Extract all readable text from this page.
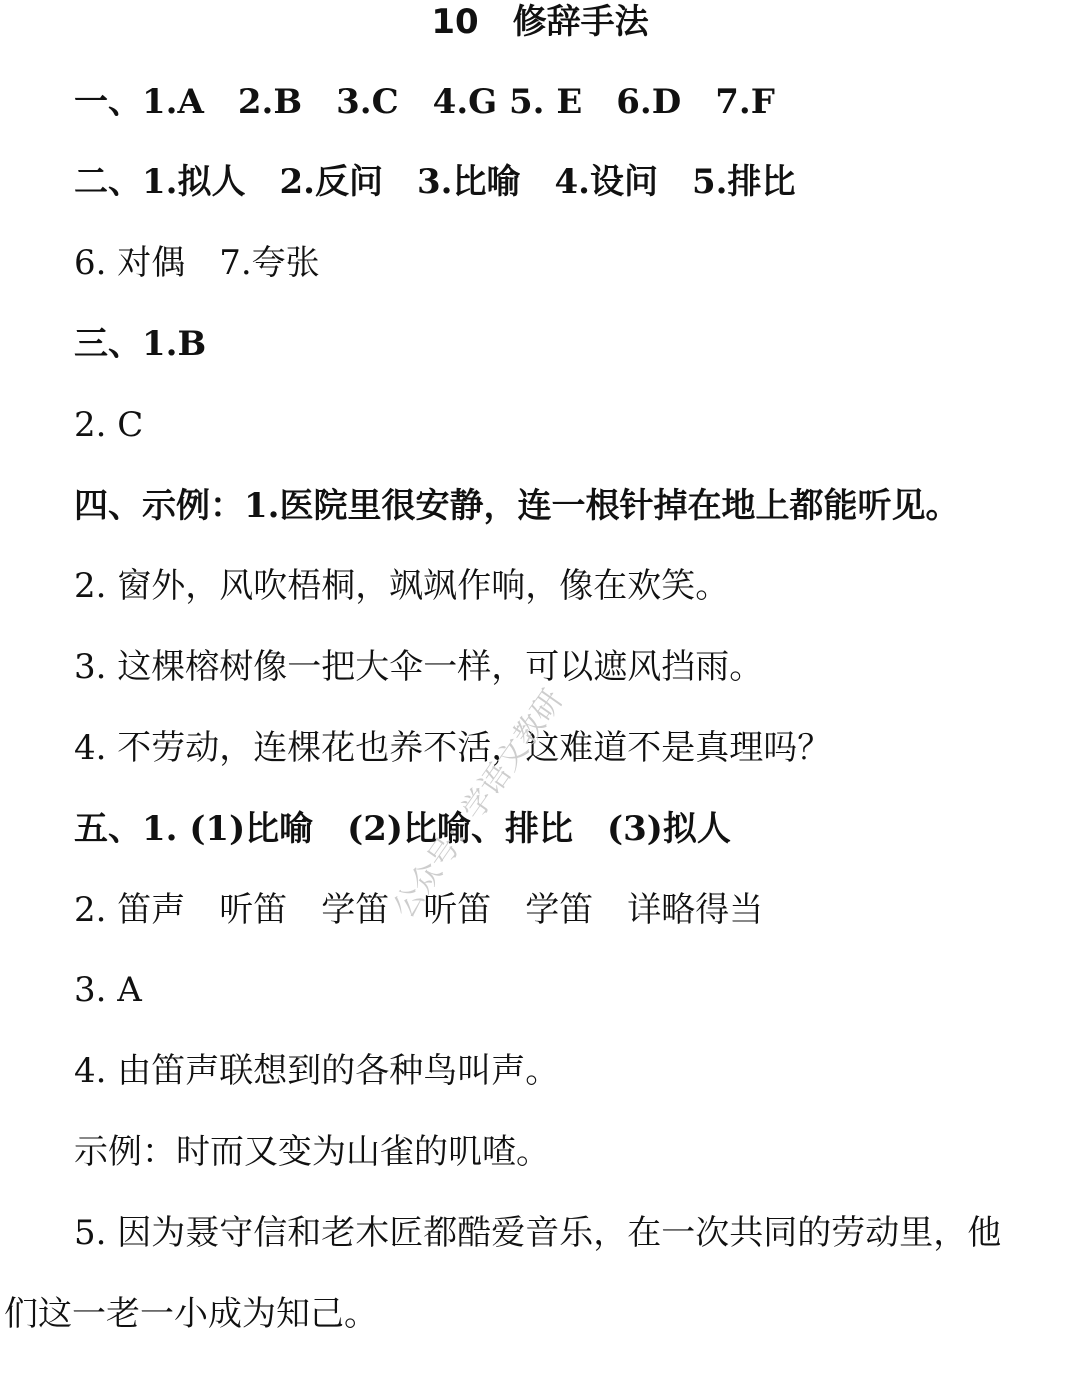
10　修辞手法
一、1.A　2.B　3.C　4.G 5. E　6.D　7.F
二、1.拟人　2.反问　3.比喻　4.设问　5.排比
6. 对偶　7.夸张
三、1.B
2. C
四、示例：1.医院里很安静，连一根针掉在地上都能听见。
2. 窗外，风吹梧桐，飒飒作响，像在欢笑。
3. 这棵榕树像一把大伞一样，可以遮风挡雨。
4. 不劳动，连棵花也养不活，这难道不是真理吗？
五、1. (1)比喻　(2)比喻、排比　(3)拟人
2. 笛声　听笛　学笛　听笛　学笛　详略得当
3. A
4. 由笛声联想到的各种鸟叫声。
示例：时而又变为山雀的叽喳。
5. 因为聂守信和老木匠都酷爱音乐，在一次共同的劳动里，他
们这一老一小成为知己。
公众号：学语文教研
